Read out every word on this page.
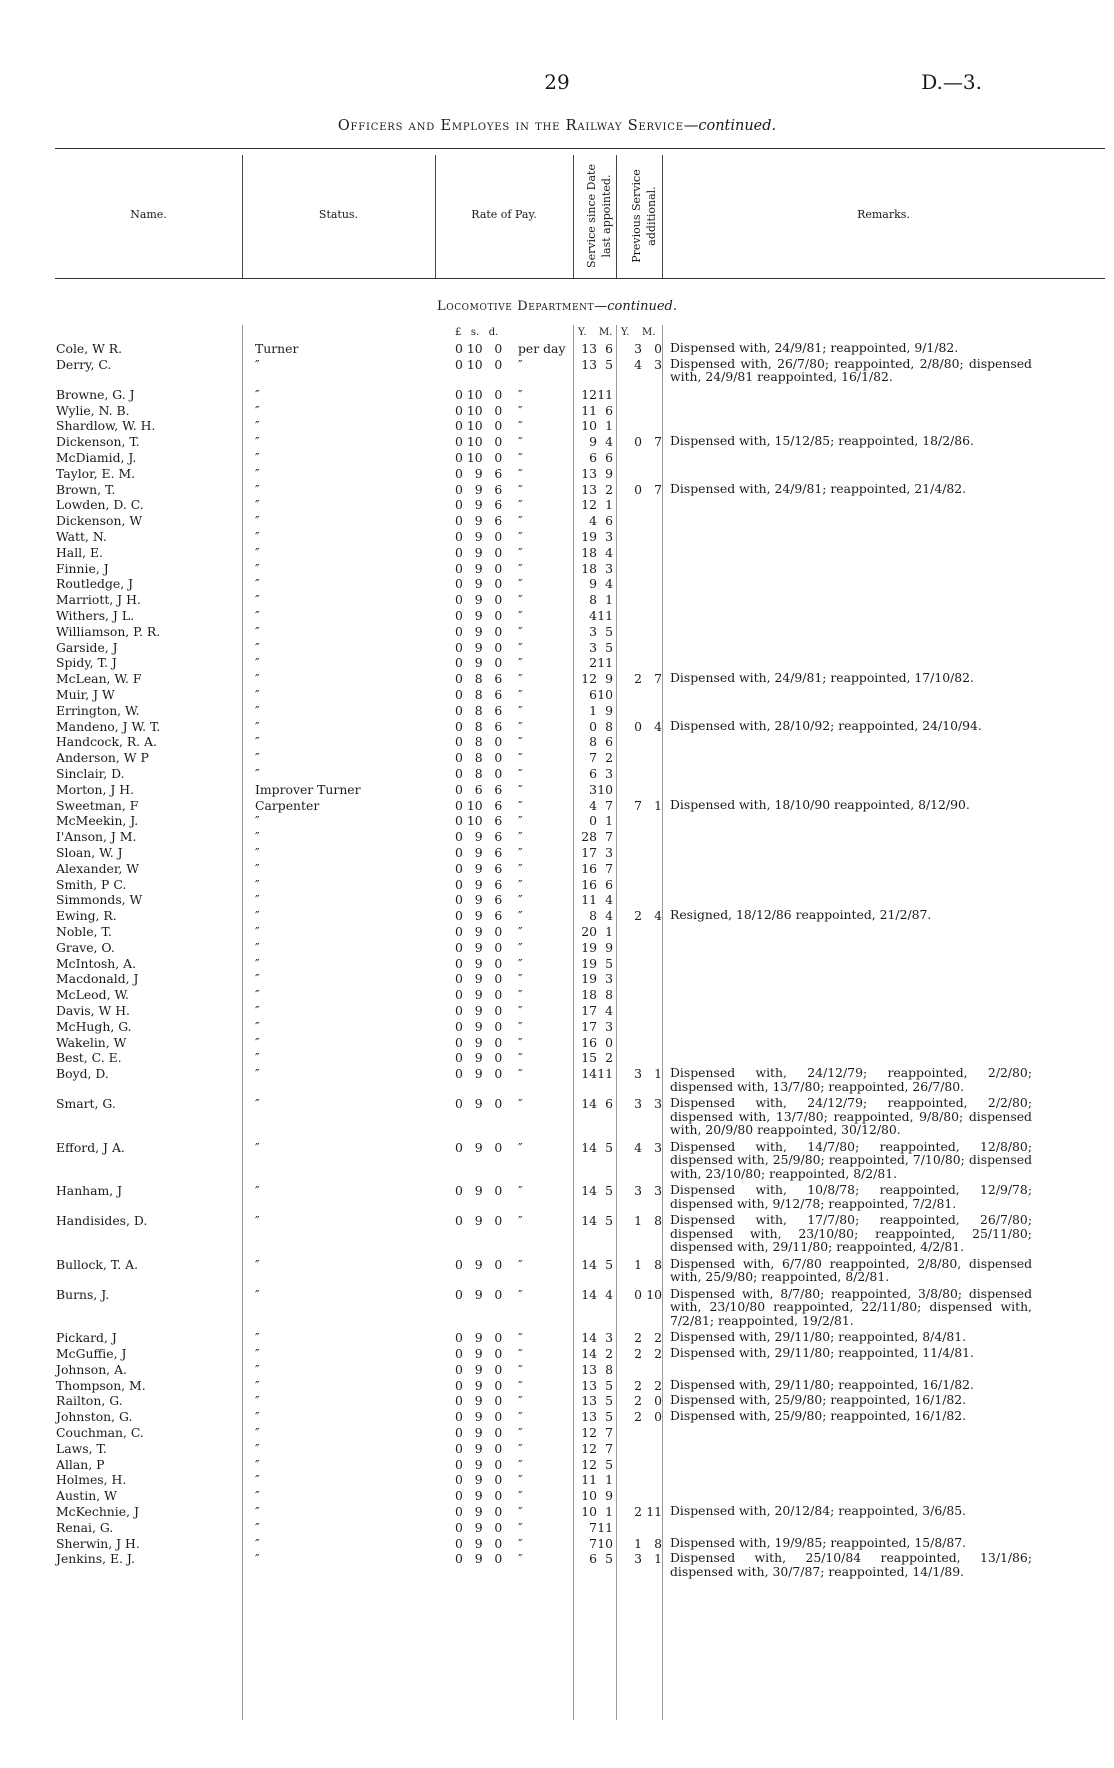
29	D.—3.
Officers and Employes in the Railway Service—continued.
Name.	Status.	Rate of Pay.	Service since Date last appointed. Previous Service additional.	Remarks.
Locomotive Department—continued.
£   s.   d.	Y. M. Y. M.
Cole, W R.	Turner	0 10   0 per day	13 6	3 0 Dispensed with, 24/9/81; reappointed, 9/1/82.
Derry, C.	″	0 10   0 ″	13 5	4 3 Dispensed with, 26/7/80; reappointed, 2/8/80; dispensed with, 24/9/81 reappointed, 16/1/82.
Browne, G. J	″	0 10   0 ″	12 11
Wylie, N. B.	″	0 10   0 ″	11 6
Shardlow, W. H.	″	0 10   0 ″	10 1
Dickenson, T.	″	0 10   0 ″	9 4	0 7 Dispensed with, 15/12/85; reappointed, 18/2/86.
McDiamid, J.	″	0 10   0 ″	6 6
Taylor, E. M.	″	0   9   6 ″	13 9
Brown, T.	″	0   9   6 ″	13 2	0 7 Dispensed with, 24/9/81; reappointed, 21/4/82.
Lowden, D. C.	″	0   9   6 ″	12 1
Dickenson, W	″	0   9   6 ″	4 6
Watt, N.	″	0   9   0 ″	19 3
Hall, E.	″	0   9   0 ″	18 4
Finnie, J	″	0   9   0 ″	18 3
Routledge, J	″	0   9   0 ″	9 4
Marriott, J H.	″	0   9   0 ″	8 1
Withers, J L.	″	0   9   0 ″	4 11
Williamson, P. R.	″	0   9   0 ″	3 5
Garside, J	″	0   9   0 ″	3 5
Spidy, T. J	″	0   9   0 ″	2 11
McLean, W. F	″	0   8   6 ″	12 9	2 7 Dispensed with, 24/9/81; reappointed, 17/10/82.
Muir, J W	″	0   8   6 ″	6 10
Errington, W.	″	0   8   6 ″	1 9
Mandeno, J W. T.	″	0   8   6 ″	0 8	0 4 Dispensed with, 28/10/92; reappointed, 24/10/94.
Handcock, R. A.	″	0   8   0 ″	8 6
Anderson, W P	″	0   8   0 ″	7 2
Sinclair, D.	″	0   8   0 ″	6 3
Morton, J H.	Improver Turner	0   6   6 ″	3 10
Sweetman, F	Carpenter	0 10   6 ″	4 7	7 1 Dispensed with, 18/10/90 reappointed, 8/12/90.
McMeekin, J.	″	0 10   6 ″	0 1
I'Anson, J M.	″	0   9   6 ″	28 7
Sloan, W. J	″	0   9   6 ″	17 3
Alexander, W	″	0   9   6 ″	16 7
Smith, P C.	″	0   9   6 ″	16 6
Simmonds, W	″	0   9   6 ″	11 4
Ewing, R.	″	0   9   6 ″	8 4	2 4 Resigned, 18/12/86 reappointed, 21/2/87.
Noble, T.	″	0   9   0 ″	20 1
Grave, O.	″	0   9   0 ″	19 9
McIntosh, A.	″	0   9   0 ″	19 5
Macdonald, J	″	0   9   0 ″	19 3
McLeod, W.	″	0   9   0 ″	18 8
Davis, W H.	″	0   9   0 ″	17 4
McHugh, G.	″	0   9   0 ″	17 3
Wakelin, W	″	0   9   0 ″	16 0
Best, C. E.	″	0   9   0 ″	15 2
Boyd, D.	″	0   9   0 ″	14 11	3 1 Dispensed with, 24/12/79; reappointed, 2/2/80; dispensed with, 13/7/80; reappointed, 26/7/80.
Smart, G.	″	0   9   0 ″	14 6	3 3 Dispensed with, 24/12/79; reappointed, 2/2/80; dispensed with, 13/7/80; reappointed, 9/8/80; dispensed with, 20/9/80 reappointed, 30/12/80.
Efford, J A.	″	0   9   0 ″	14 5	4 3 Dispensed with, 14/7/80; reappointed, 12/8/80; dispensed with, 25/9/80; reappointed, 7/10/80; dispensed with, 23/10/80; reappointed, 8/2/81.
Hanham, J	″	0   9   0 ″	14 5	3 3 Dispensed with, 10/8/78; reappointed, 12/9/78; dispensed with, 9/12/78; reappointed, 7/2/81.
Handisides, D.	″	0   9   0 ″	14 5	1 8 Dispensed with, 17/7/80; reappointed, 26/7/80; dispensed with, 23/10/80; reappointed, 25/11/80; dispensed with, 29/11/80; reappointed, 4/2/81.
Bullock, T. A.	″	0   9   0 ″	14 5	1 8 Dispensed with, 6/7/80 reappointed, 2/8/80, dispensed with, 25/9/80; reappointed, 8/2/81.
Burns, J.	″	0   9   0 ″	14 4	0 10 Dispensed with, 8/7/80; reappointed, 3/8/80; dispensed with, 23/10/80 reappointed, 22/11/80; dispensed with, 7/2/81; reappointed, 19/2/81.
Pickard, J	″	0   9   0 ″	14 3	2 2 Dispensed with, 29/11/80; reappointed, 8/4/81.
McGuffie, J	″	0   9   0 ″	14 2	2 2 Dispensed with, 29/11/80; reappointed, 11/4/81.
Johnson, A.	″	0   9   0 ″	13 8
Thompson, M.	″	0   9   0 ″	13 5	2 2 Dispensed with, 29/11/80; reappointed, 16/1/82.
Railton, G.	″	0   9   0 ″	13 5	2 0 Dispensed with, 25/9/80; reappointed, 16/1/82.
Johnston, G.	″	0   9   0 ″	13 5	2 0 Dispensed with, 25/9/80; reappointed, 16/1/82.
Couchman, C.	″	0   9   0 ″	12 7
Laws, T.	″	0   9   0 ″	12 7
Allan, P	″	0   9   0 ″	12 5
Holmes, H.	″	0   9   0 ″	11 1
Austin, W	″	0   9   0 ″	10 9
McKechnie, J	″	0   9   0 ″	10 1	2 11 Dispensed with, 20/12/84; reappointed, 3/6/85.
Renai, G.	″	0   9   0 ″	7 11
Sherwin, J H.	″	0   9   0 ″	7 10	1 8 Dispensed with, 19/9/85; reappointed, 15/8/87.
Jenkins, E. J.	″	0   9   0 ″	6 5	3 1 Dispensed with, 25/10/84 reappointed, 13/1/86; dispensed with, 30/7/87; reappointed, 14/1/89.
